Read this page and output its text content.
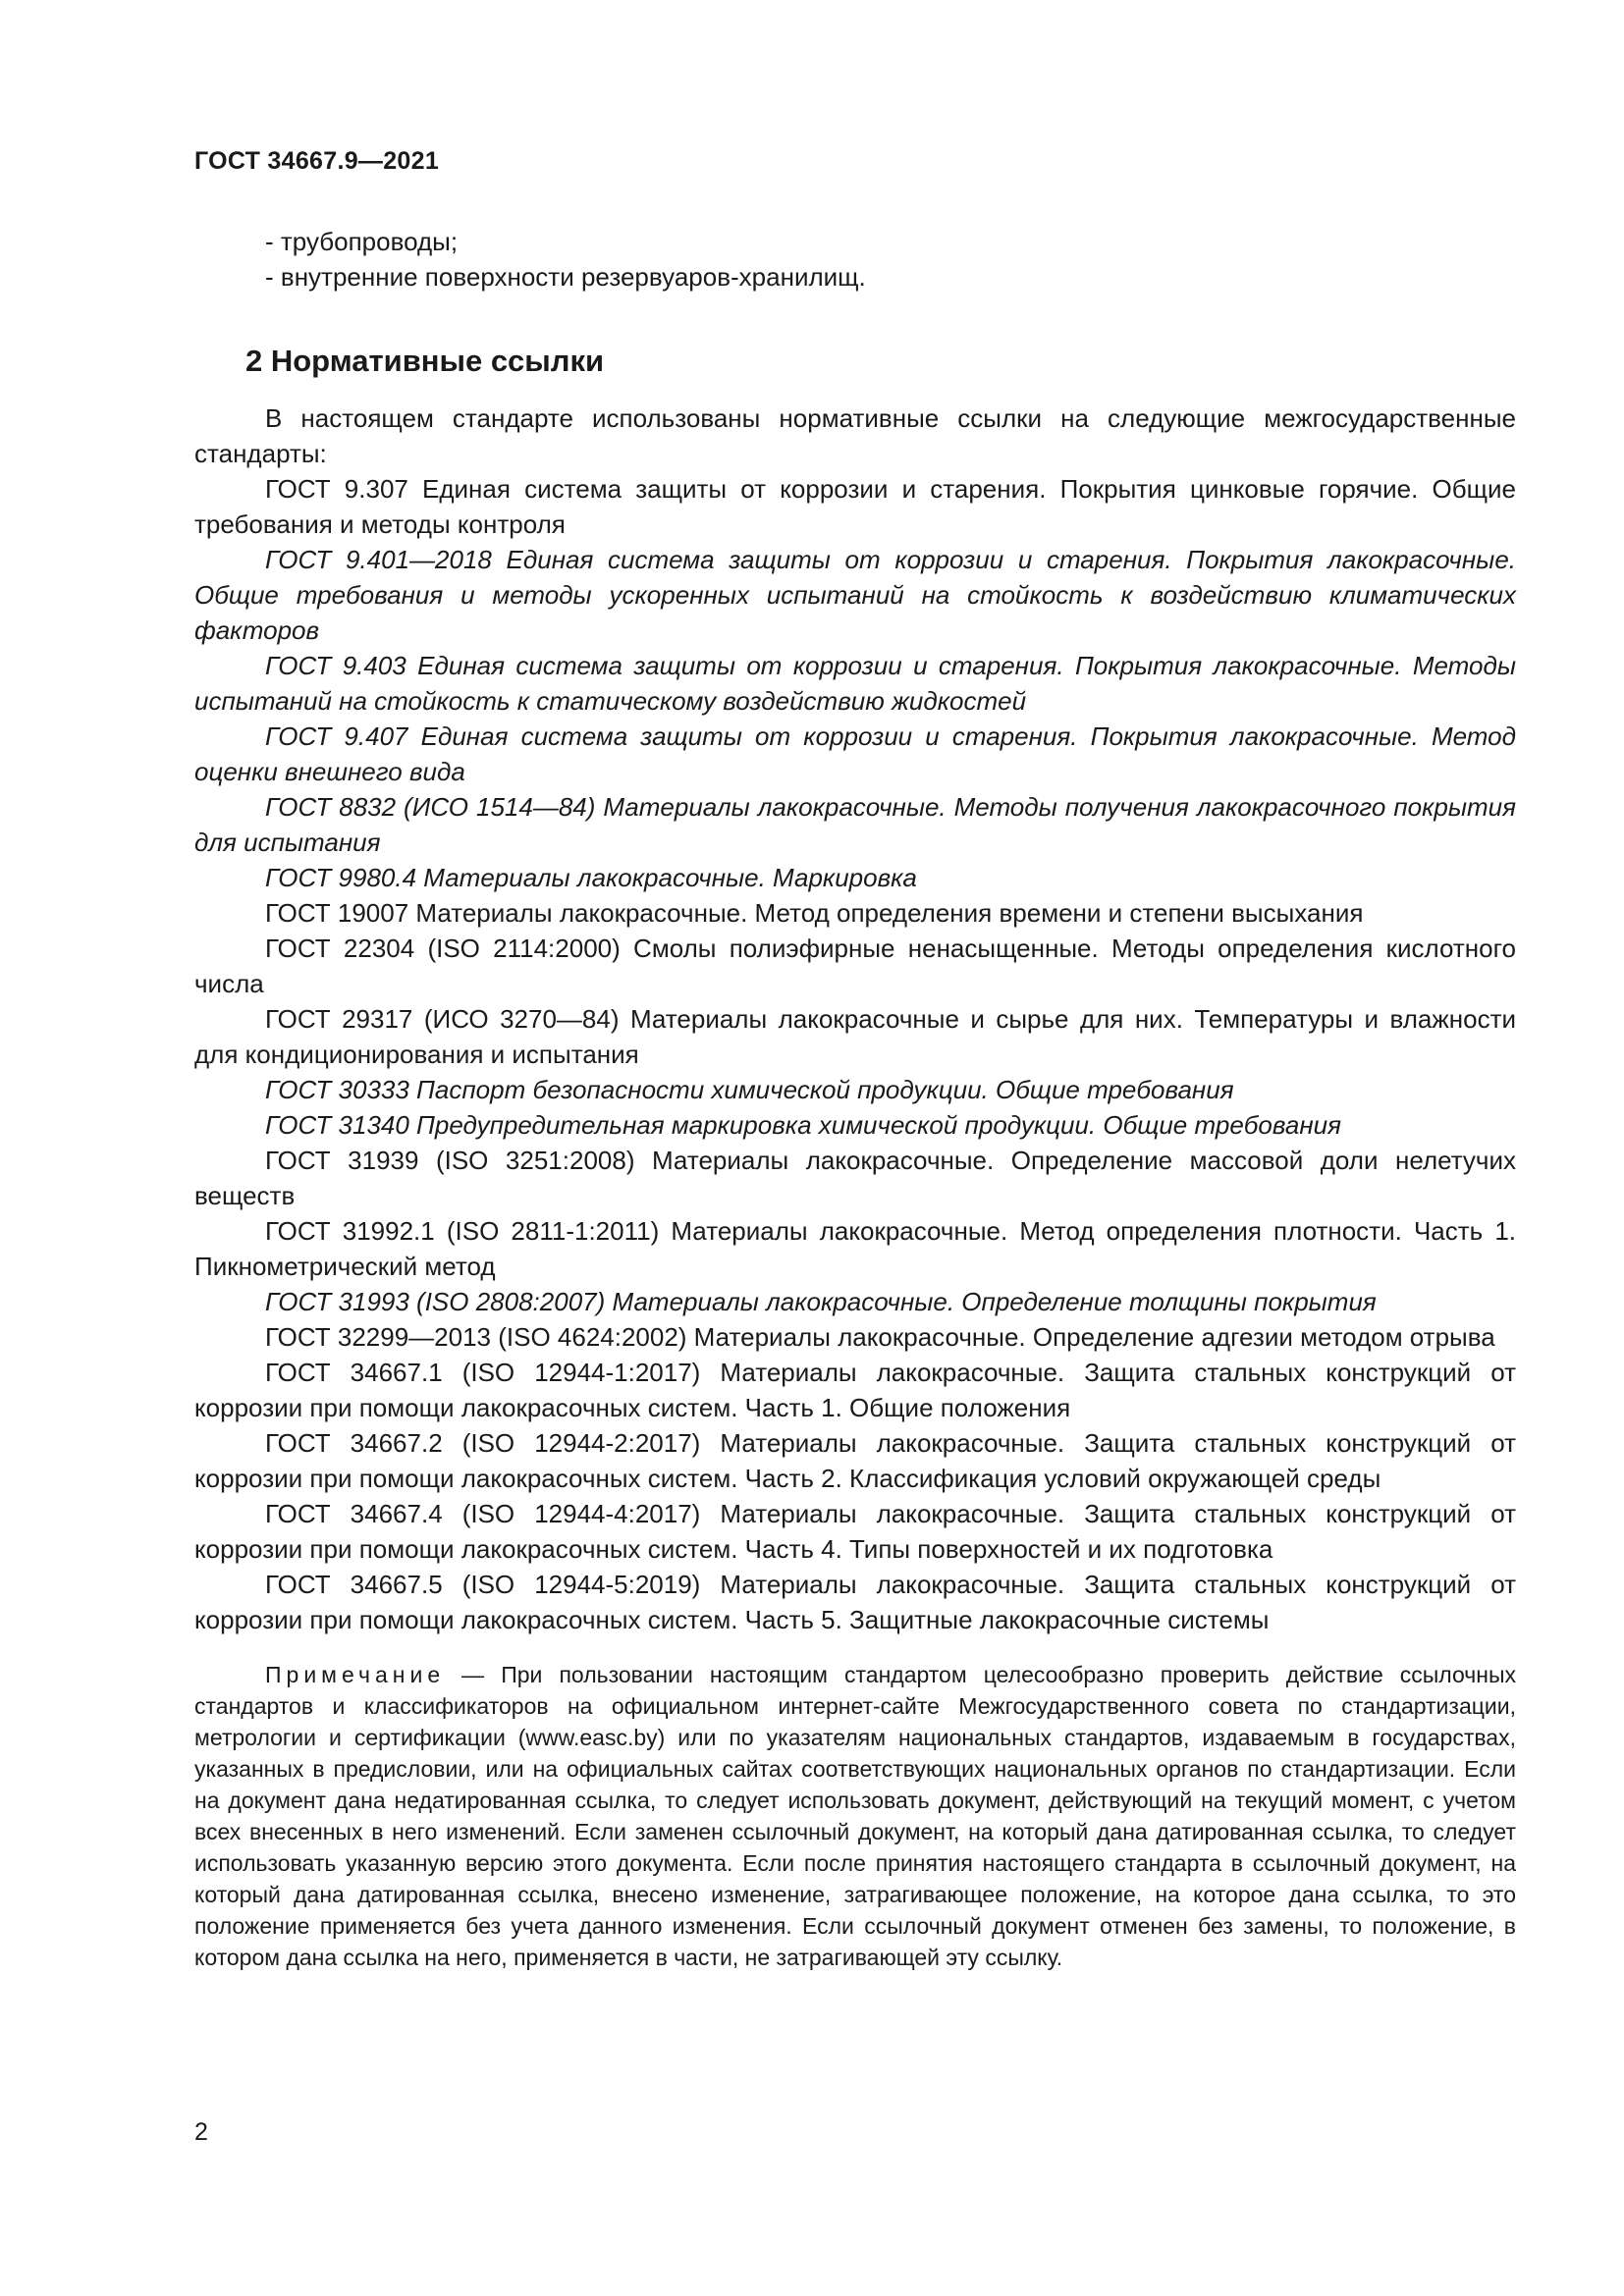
ГОСТ 34667.9—2021
- трубопроводы;
- внутренние поверхности резервуаров-хранилищ.
2 Нормативные ссылки

В настоящем стандарте использованы нормативные ссылки на следующие межгосударственные стандарты:

ГОСТ 9.307 Единая система защиты от коррозии и старения. Покрытия цинковые горячие. Общие требования и методы контроля

ГОСТ 9.401—2018 Единая система защиты от коррозии и старения. Покрытия лакокрасочные. Общие требования и методы ускоренных испытаний на стойкость к воздействию климатических факторов

ГОСТ 9.403 Единая система защиты от коррозии и старения. Покрытия лакокрасочные. Методы испытаний на стойкость к статическому воздействию жидкостей

ГОСТ 9.407 Единая система защиты от коррозии и старения. Покрытия лакокрасочные. Метод оценки внешнего вида

ГОСТ 8832 (ИСО 1514—84) Материалы лакокрасочные. Методы получения лакокрасочного покрытия для испытания

ГОСТ 9980.4 Материалы лакокрасочные. Маркировка

ГОСТ 19007 Материалы лакокрасочные. Метод определения времени и степени высыхания

ГОСТ 22304 (ISO 2114:2000) Смолы полиэфирные ненасыщенные. Методы определения кислотного числа

ГОСТ 29317 (ИСО 3270—84) Материалы лакокрасочные и сырье для них. Температуры и влажности для кондиционирования и испытания

ГОСТ 30333 Паспорт безопасности химической продукции. Общие требования

ГОСТ 31340 Предупредительная маркировка химической продукции. Общие требования

ГОСТ 31939 (ISO 3251:2008) Материалы лакокрасочные. Определение массовой доли нелетучих веществ

ГОСТ 31992.1 (ISO 2811-1:2011) Материалы лакокрасочные. Метод определения плотности. Часть 1. Пикнометрический метод

ГОСТ 31993 (ISO 2808:2007) Материалы лакокрасочные. Определение толщины покрытия

ГОСТ 32299—2013 (ISO 4624:2002) Материалы лакокрасочные. Определение адгезии методом отрыва

ГОСТ 34667.1 (ISO 12944-1:2017) Материалы лакокрасочные. Защита стальных конструкций от коррозии при помощи лакокрасочных систем. Часть 1. Общие положения

ГОСТ 34667.2 (ISO 12944-2:2017) Материалы лакокрасочные. Защита стальных конструкций от коррозии при помощи лакокрасочных систем. Часть 2. Классификация условий окружающей среды

ГОСТ 34667.4 (ISO 12944-4:2017) Материалы лакокрасочные. Защита стальных конструкций от коррозии при помощи лакокрасочных систем. Часть 4. Типы поверхностей и их подготовка

ГОСТ 34667.5 (ISO 12944-5:2019) Материалы лакокрасочные. Защита стальных конструкций от коррозии при помощи лакокрасочных систем. Часть 5. Защитные лакокрасочные системы

Примечание — При пользовании настоящим стандартом целесообразно проверить действие ссылочных стандартов и классификаторов на официальном интернет-сайте Межгосударственного совета по стандартизации, метрологии и сертификации (www.easc.by) или по указателям национальных стандартов, издаваемым в государствах, указанных в предисловии, или на официальных сайтах соответствующих национальных органов по стандартизации. Если на документ дана недатированная ссылка, то следует использовать документ, действующий на текущий момент, с учетом всех внесенных в него изменений. Если заменен ссылочный документ, на который дана датированная ссылка, то следует использовать указанную версию этого документа. Если после принятия настоящего стандарта в ссылочный документ, на который дана датированная ссылка, внесено изменение, затрагивающее положение, на которое дана ссылка, то это положение применяется без учета данного изменения. Если ссылочный документ отменен без замены, то положение, в котором дана ссылка на него, применяется в части, не затрагивающей эту ссылку.

2
